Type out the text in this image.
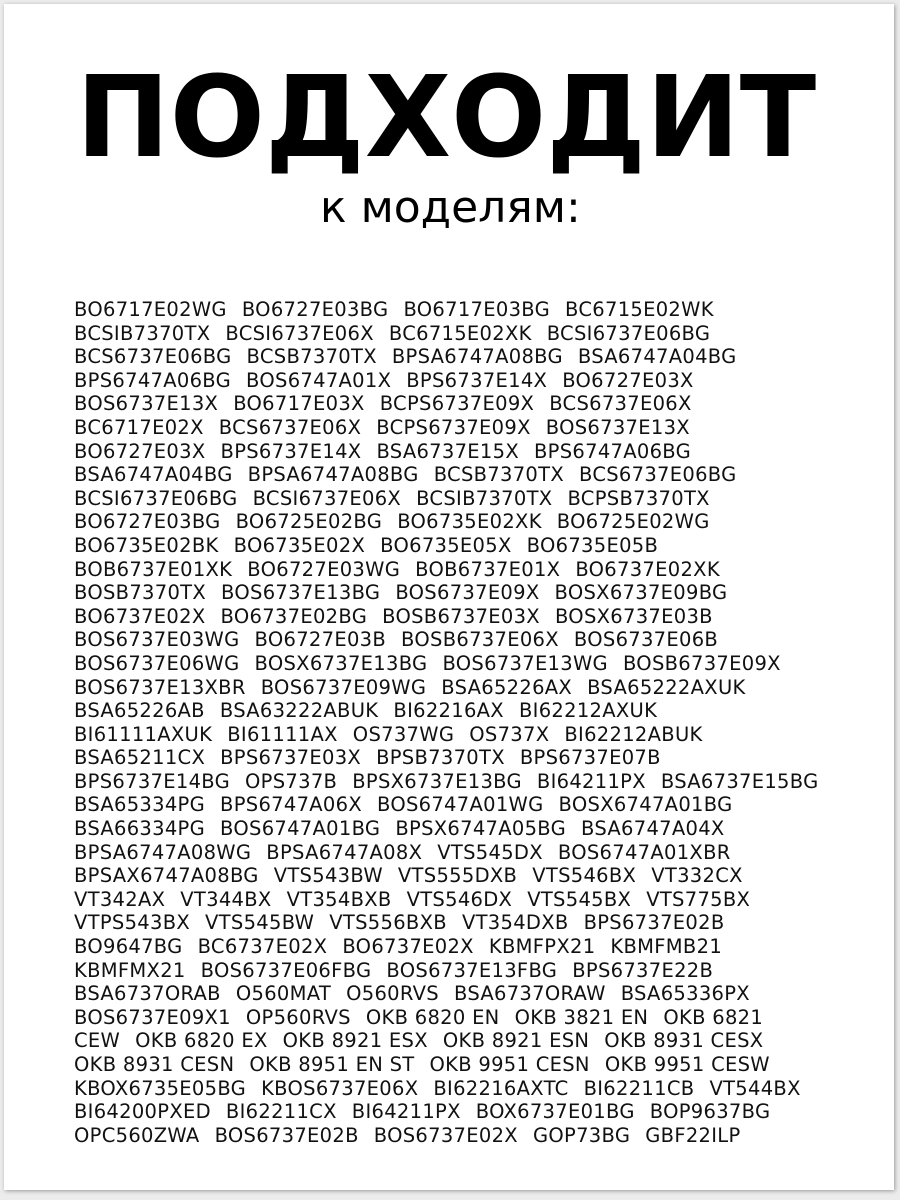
ПОДХОДИТ
к моделям:
BO6717E02WG BO6727E03BG BO6717E03BG BC6715E02WK
BCSIB7370TX BCSI6737E06X BC6715E02XK BCSI6737E06BG
BCS6737E06BG BCSB7370TX BPSA6747A08BG BSA6747A04BG
BPS6747A06BG BOS6747A01X BPS6737E14X BO6727E03X
BOS6737E13X BO6717E03X BCPS6737E09X BCS6737E06X
BC6717E02X BCS6737E06X BCPS6737E09X BOS6737E13X
BO6727E03X BPS6737E14X BSA6737E15X BPS6747A06BG
BSA6747A04BG BPSA6747A08BG BCSB7370TX BCS6737E06BG
BCSI6737E06BG BCSI6737E06X BCSIB7370TX BCPSB7370TX
BO6727E03BG BO6725E02BG BO6735E02XK BO6725E02WG
BO6735E02BK BO6735E02X BO6735E05X BO6735E05B
BOB6737E01XK BO6727E03WG BOB6737E01X BO6737E02XK
BOSB7370TX BOS6737E13BG BOS6737E09X BOSX6737E09BG
BO6737E02X BO6737E02BG BOSB6737E03X BOSX6737E03B
BOS6737E03WG BO6727E03B BOSB6737E06X BOS6737E06B
BOS6737E06WG BOSX6737E13BG BOS6737E13WG BOSB6737E09X
BOS6737E13XBR BOS6737E09WG BSA65226AX BSA65222AXUK
BSA65226AB BSA63222ABUK BI62216AX BI62212AXUK
BI61111AXUK BI61111AX OS737WG OS737X BI62212ABUK
BSA65211CX BPS6737E03X BPSB7370TX BPS6737E07B
BPS6737E14BG OPS737B BPSX6737E13BG BI64211PX BSA6737E15BG
BSA65334PG BPS6747A06X BOS6747A01WG BOSX6747A01BG
BSA66334PG BOS6747A01BG BPSX6747A05BG BSA6747A04X
BPSA6747A08WG BPSA6747A08X VTS545DX BOS6747A01XBR
BPSAX6747A08BG VTS543BW VTS555DXB VTS546BX VT332CX
VT342AX VT344BX VT354BXB VTS546DX VTS545BX VTS775BX
VTPS543BX VTS545BW VTS556BXB VT354DXB BPS6737E02B
BO9647BG BC6737E02X BO6737E02X KBMFPX21 KBMFMB21
KBMFMX21 BOS6737E06FBG BOS6737E13FBG BPS6737E22B
BSA6737ORAB O560MAT O560RVS BSA6737ORAW BSA65336PX
BOS6737E09X1 OP560RVS OKB 6820 EN OKB 3821 EN OKB 6821
CEW OKB 6820 EX OKB 8921 ESX OKB 8921 ESN OKB 8931 CESX
OKB 8931 CESN OKB 8951 EN ST OKB 9951 CESN OKB 9951 CESW
KBOX6735E05BG KBOS6737E06X BI62216AXTC BI62211CB VT544BX
BI64200PXED BI62211CX BI64211PX BOX6737E01BG BOP9637BG
OPC560ZWA BOS6737E02B BOS6737E02X GOP73BG GBF22ILP
